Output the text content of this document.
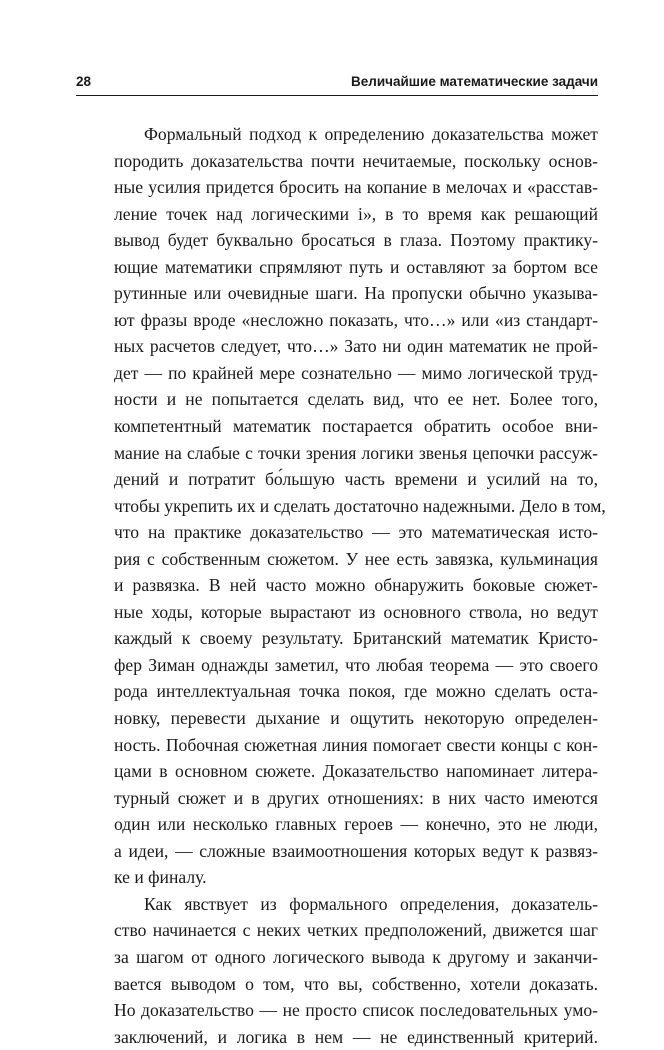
28	Величайшие математические задачи
Формальный подход к определению доказательства может
породить доказательства почти нечитаемые, поскольку основ-
ные усилия придется бросить на копание в мелочах и «расстав-
ление точек над логическими i», в то время как решающий
вывод будет буквально бросаться в глаза. Поэтому практику-
ющие математики спрямляют путь и оставляют за бортом все
рутинные или очевидные шаги. На пропуски обычно указыва-
ют фразы вроде «несложно показать, что…» или «из стандарт-
ных расчетов следует, что…» Зато ни один математик не прой-
дет — по крайней мере сознательно — мимо логической труд-
ности и не попытается сделать вид, что ее нет. Более того,
компетентный математик постарается обратить особое вни-
мание на слабые с точки зрения логики звенья цепочки рассуж-
дений и потратит бо́льшую часть времени и усилий на то,
чтобы укрепить их и сделать достаточно надежными. Дело в том,
что на практике доказательство — это математическая исто-
рия с собственным сюжетом. У нее есть завязка, кульминация
и развязка. В ней часто можно обнаружить боковые сюжет-
ные ходы, которые вырастают из основного ствола, но ведут
каждый к своему результату. Британский математик Кристо-
фер Зиман однажды заметил, что любая теорема — это своего
рода интеллектуальная точка покоя, где можно сделать оста-
новку, перевести дыхание и ощутить некоторую определен-
ность. Побочная сюжетная линия помогает свести концы с кон-
цами в основном сюжете. Доказательство напоминает литера-
турный сюжет и в других отношениях: в них часто имеются
один или несколько главных героев — конечно, это не люди,
а идеи, — сложные взаимоотношения которых ведут к развяз-
ке и финалу.
Как явствует из формального определения, доказатель-
ство начинается с неких четких предположений, движется шаг
за шагом от одного логического вывода к другому и заканчи-
вается выводом о том, что вы, собственно, хотели доказать.
Но доказательство — не просто список последовательных умо-
заключений, и логика в нем — не единственный критерий.
